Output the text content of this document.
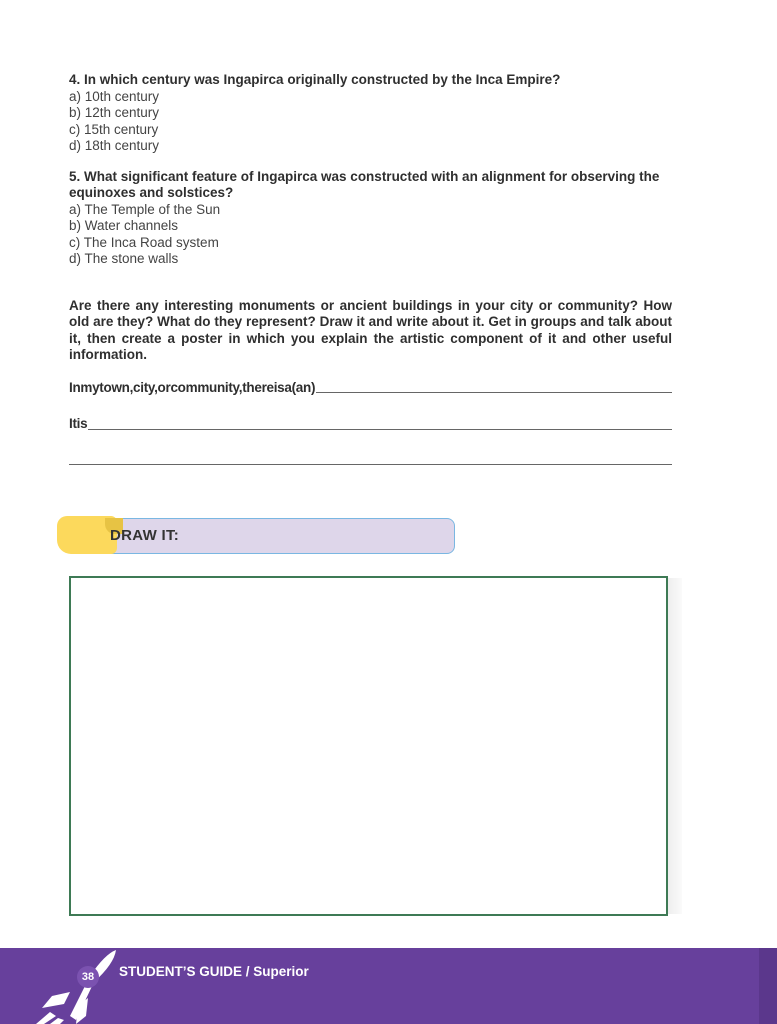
4. In which century was Ingapirca originally constructed by the Inca Empire?
a) 10th century
b) 12th century
c) 15th century
d) 18th century
5. What significant feature of Ingapirca was constructed with an alignment for observing the equinoxes and solstices?
a) The Temple of the Sun
b) Water channels
c) The Inca Road system
d) The stone walls
Are there any interesting monuments or ancient buildings in your city or community? How old are they? What do they represent? Draw it and write about it. Get in groups and talk about it, then create a poster in which you explain the artistic component of it and other useful information.
Inmytown,city,orcommunity,thereisa(an)
Itis
DRAW IT:
38	STUDENT’S GUIDE / Superior
